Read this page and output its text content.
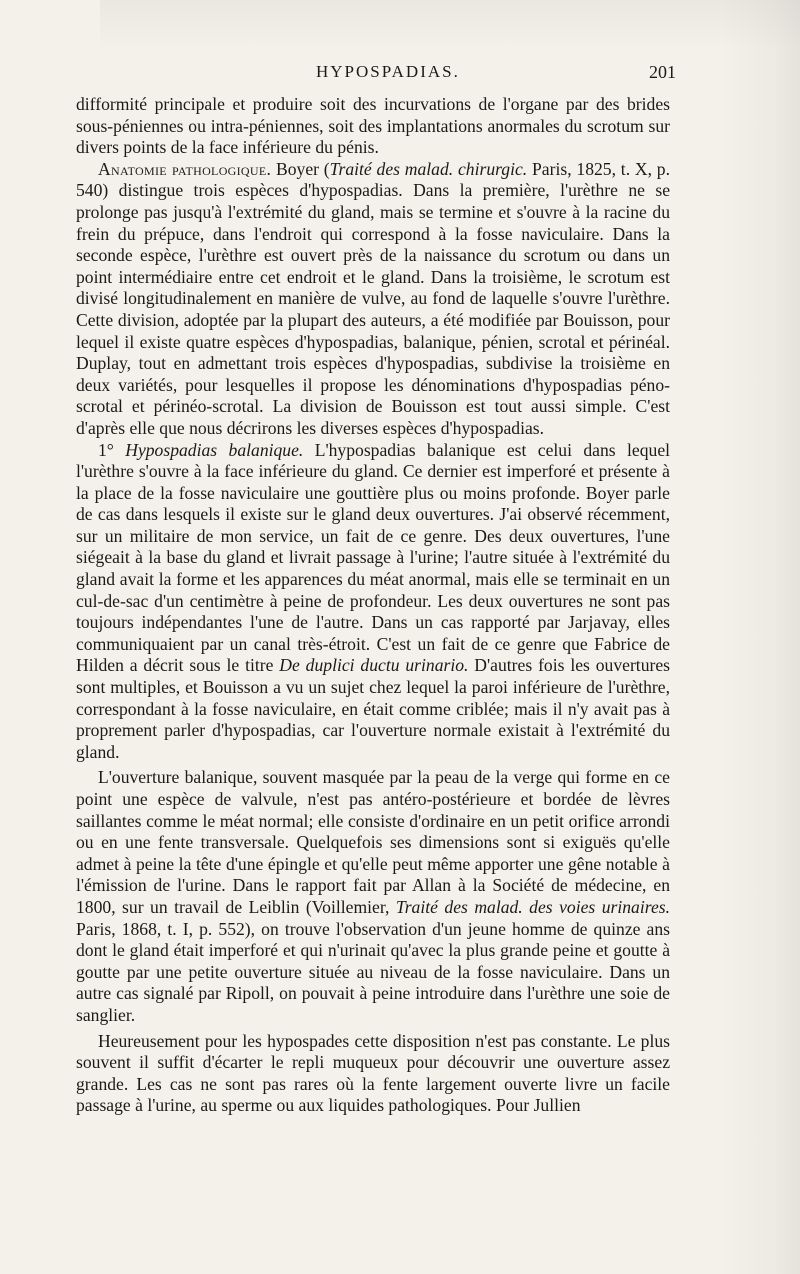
HYPOSPADIAS.	201

difformité principale et produire soit des incurvations de l'organe par des brides sous-péniennes ou intra-péniennes, soit des implantations anormales du scrotum sur divers points de la face inférieure du pénis.

Anatomie pathologique. Boyer (Traité des malad. chirurgic. Paris, 1825, t. X, p. 540) distingue trois espèces d'hypospadias. Dans la première, l'urèthre ne se prolonge pas jusqu'à l'extrémité du gland, mais se termine et s'ouvre à la racine du frein du prépuce, dans l'endroit qui correspond à la fosse naviculaire. Dans la seconde espèce, l'urèthre est ouvert près de la naissance du scrotum ou dans un point intermédiaire entre cet endroit et le gland. Dans la troisième, le scrotum est divisé longitudinalement en manière de vulve, au fond de laquelle s'ouvre l'urèthre. Cette division, adoptée par la plupart des auteurs, a été modifiée par Bouisson, pour lequel il existe quatre espèces d'hypospadias, balanique, pénien, scrotal et périnéal. Duplay, tout en admettant trois espèces d'hypospadias, subdivise la troisième en deux variétés, pour lesquelles il propose les dénominations d'hypospadias péno-scrotal et périnéo-scrotal. La division de Bouisson est tout aussi simple. C'est d'après elle que nous décrirons les diverses espèces d'hypospadias.

1° Hypospadias balanique. L'hypospadias balanique est celui dans lequel l'urèthre s'ouvre à la face inférieure du gland. Ce dernier est imperforé et présente à la place de la fosse naviculaire une gouttière plus ou moins profonde. Boyer parle de cas dans lesquels il existe sur le gland deux ouvertures. J'ai observé récemment, sur un militaire de mon service, un fait de ce genre. Des deux ouvertures, l'une siégeait à la base du gland et livrait passage à l'urine; l'autre située à l'extrémité du gland avait la forme et les apparences du méat anormal, mais elle se terminait en un cul-de-sac d'un centimètre à peine de profondeur. Les deux ouvertures ne sont pas toujours indépendantes l'une de l'autre. Dans un cas rapporté par Jarjavay, elles communiquaient par un canal très-étroit. C'est un fait de ce genre que Fabrice de Hilden a décrit sous le titre De duplici ductu urinario. D'autres fois les ouvertures sont multiples, et Bouisson a vu un sujet chez lequel la paroi inférieure de l'urèthre, correspondant à la fosse naviculaire, en était comme criblée; mais il n'y avait pas à proprement parler d'hypospadias, car l'ouverture normale existait à l'extrémité du gland.

L'ouverture balanique, souvent masquée par la peau de la verge qui forme en ce point une espèce de valvule, n'est pas antéro-postérieure et bordée de lèvres saillantes comme le méat normal; elle consiste d'ordinaire en un petit orifice arrondi ou en une fente transversale. Quelquefois ses dimensions sont si exiguës qu'elle admet à peine la tête d'une épingle et qu'elle peut même apporter une gêne notable à l'émission de l'urine. Dans le rapport fait par Allan à la Société de médecine, en 1800, sur un travail de Leiblin (Voillemier, Traité des malad. des voies urinaires. Paris, 1868, t. I, p. 552), on trouve l'observation d'un jeune homme de quinze ans dont le gland était imperforé et qui n'urinait qu'avec la plus grande peine et goutte à goutte par une petite ouverture située au niveau de la fosse naviculaire. Dans un autre cas signalé par Ripoll, on pouvait à peine introduire dans l'urèthre une soie de sanglier.

Heureusement pour les hypospades cette disposition n'est pas constante. Le plus souvent il suffit d'écarter le repli muqueux pour découvrir une ouverture assez grande. Les cas ne sont pas rares où la fente largement ouverte livre un facile passage à l'urine, au sperme ou aux liquides pathologiques. Pour Jullien
